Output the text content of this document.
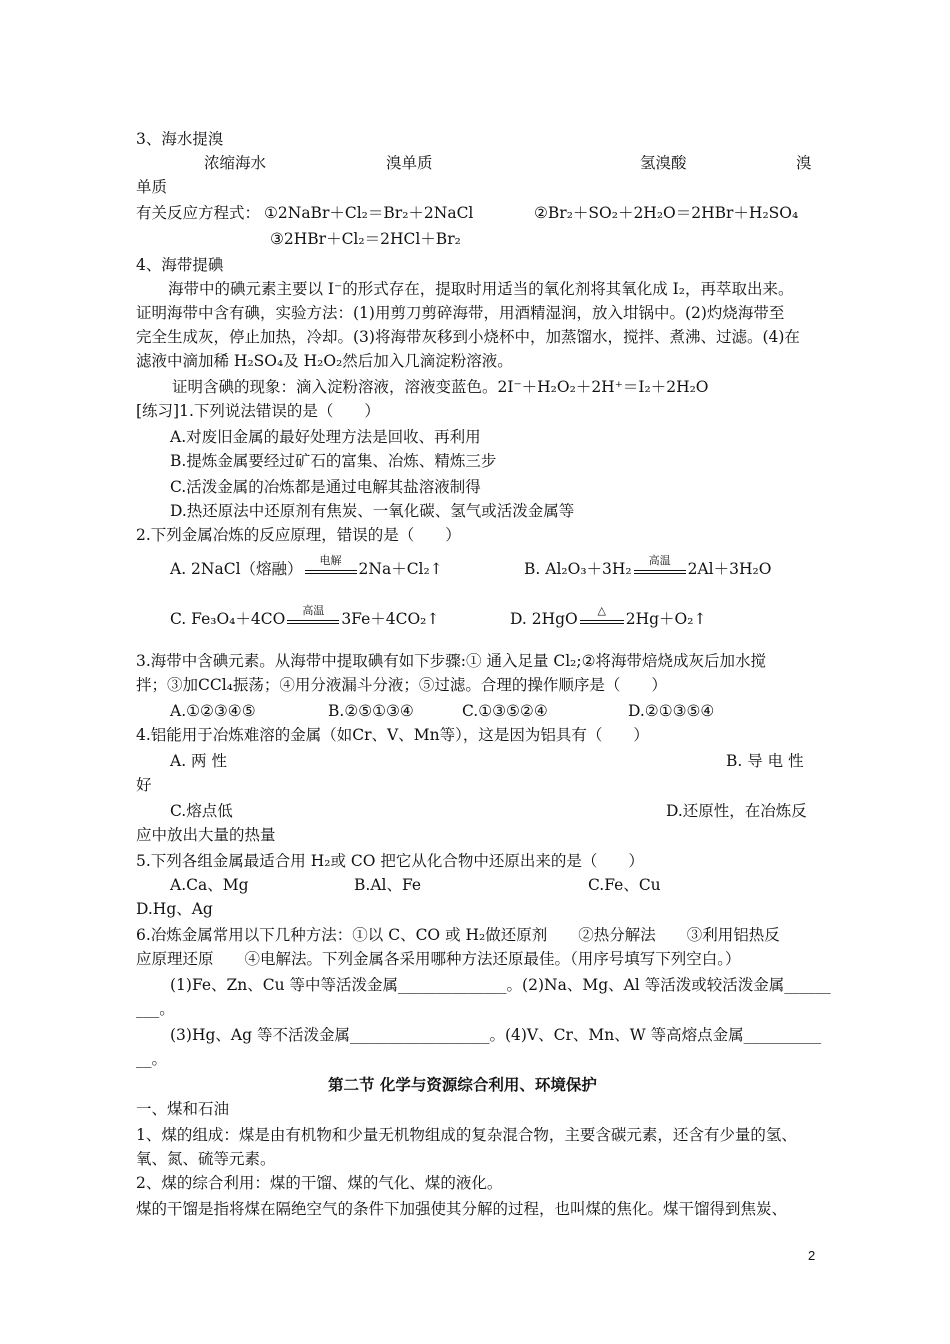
3、海水提溴
浓缩海水	溴单质	氢溴酸	溴
单质
有关反应方程式： ①2NaBr＋Cl₂＝Br₂＋2NaCl	②Br₂＋SO₂＋2H₂O＝2HBr＋H₂SO₄
③2HBr＋Cl₂＝2HCl＋Br₂
4、海带提碘
海带中的碘元素主要以 I⁻的形式存在，提取时用适当的氧化剂将其氧化成 I₂，再萃取出来。
证明海带中含有碘，实验方法：(1)用剪刀剪碎海带，用酒精湿润，放入坩锅中。(2)灼烧海带至
完全生成灰，停止加热，冷却。(3)将海带灰移到小烧杯中，加蒸馏水，搅拌、煮沸、过滤。(4)在
滤液中滴加稀 H₂SO₄及 H₂O₂然后加入几滴淀粉溶液。
证明含碘的现象：滴入淀粉溶液，溶液变蓝色。2I⁻＋H₂O₂＋2H⁺＝I₂＋2H₂O
[练习]1.下列说法错误的是（　　）
A.对废旧金属的最好处理方法是回收、再利用
B.提炼金属要经过矿石的富集、冶炼、精炼三步
C.活泼金属的冶炼都是通过电解其盐溶液制得
D.热还原法中还原剂有焦炭、一氧化碳、氢气或活泼金属等
2.下列金属冶炼的反应原理，错误的是（　　）
A. 2NaCl（熔融）	电解	2Na＋Cl₂↑	B. Al₂O₃＋3H₂	高温	2Al＋3H₂O
C. Fe₃O₄＋4CO	高温	3Fe＋4CO₂↑	D. 2HgO	△	2Hg＋O₂↑
3.海带中含碘元素。从海带中提取碘有如下步骤:① 通入足量 Cl₂;②将海带焙烧成灰后加水搅
拌；③加CCl₄振荡；④用分液漏斗分液；⑤过滤。合理的操作顺序是（　　）
A.①②③④⑤	B.②⑤①③④	C.①③⑤②④	D.②①③⑤④
4.铝能用于冶炼难溶的金属（如Cr、V、Mn等），这是因为铝具有（　　）
A. 两 性	B. 导 电 性
好
C.熔点低	D.还原性，在冶炼反
应中放出大量的热量
5.下列各组金属最适合用 H₂或 CO 把它从化合物中还原出来的是（　　）
A.Ca、Mg	B.Al、Fe	C.Fe、Cu
D.Hg、Ag
6.冶炼金属常用以下几种方法：①以 C、CO 或 H₂做还原剂　　②热分解法　　③利用铝热反
应原理还原　　④电解法。下列金属各采用哪种方法还原最佳。（用序号填写下列空白。）
(1)Fe、Zn、Cu 等中等活泼金属______________。(2)Na、Mg、Al 等活泼或较活泼金属______
___。
(3)Hg、Ag 等不活泼金属__________________。(4)V、Cr、Mn、W 等高熔点金属__________
__。
第二节 化学与资源综合利用、环境保护
一、煤和石油
1、煤的组成：煤是由有机物和少量无机物组成的复杂混合物，主要含碳元素，还含有少量的氢、
氧、氮、硫等元素。
2、煤的综合利用：煤的干馏、煤的气化、煤的液化。
煤的干馏是指将煤在隔绝空气的条件下加强使其分解的过程，也叫煤的焦化。煤干馏得到焦炭、
2
